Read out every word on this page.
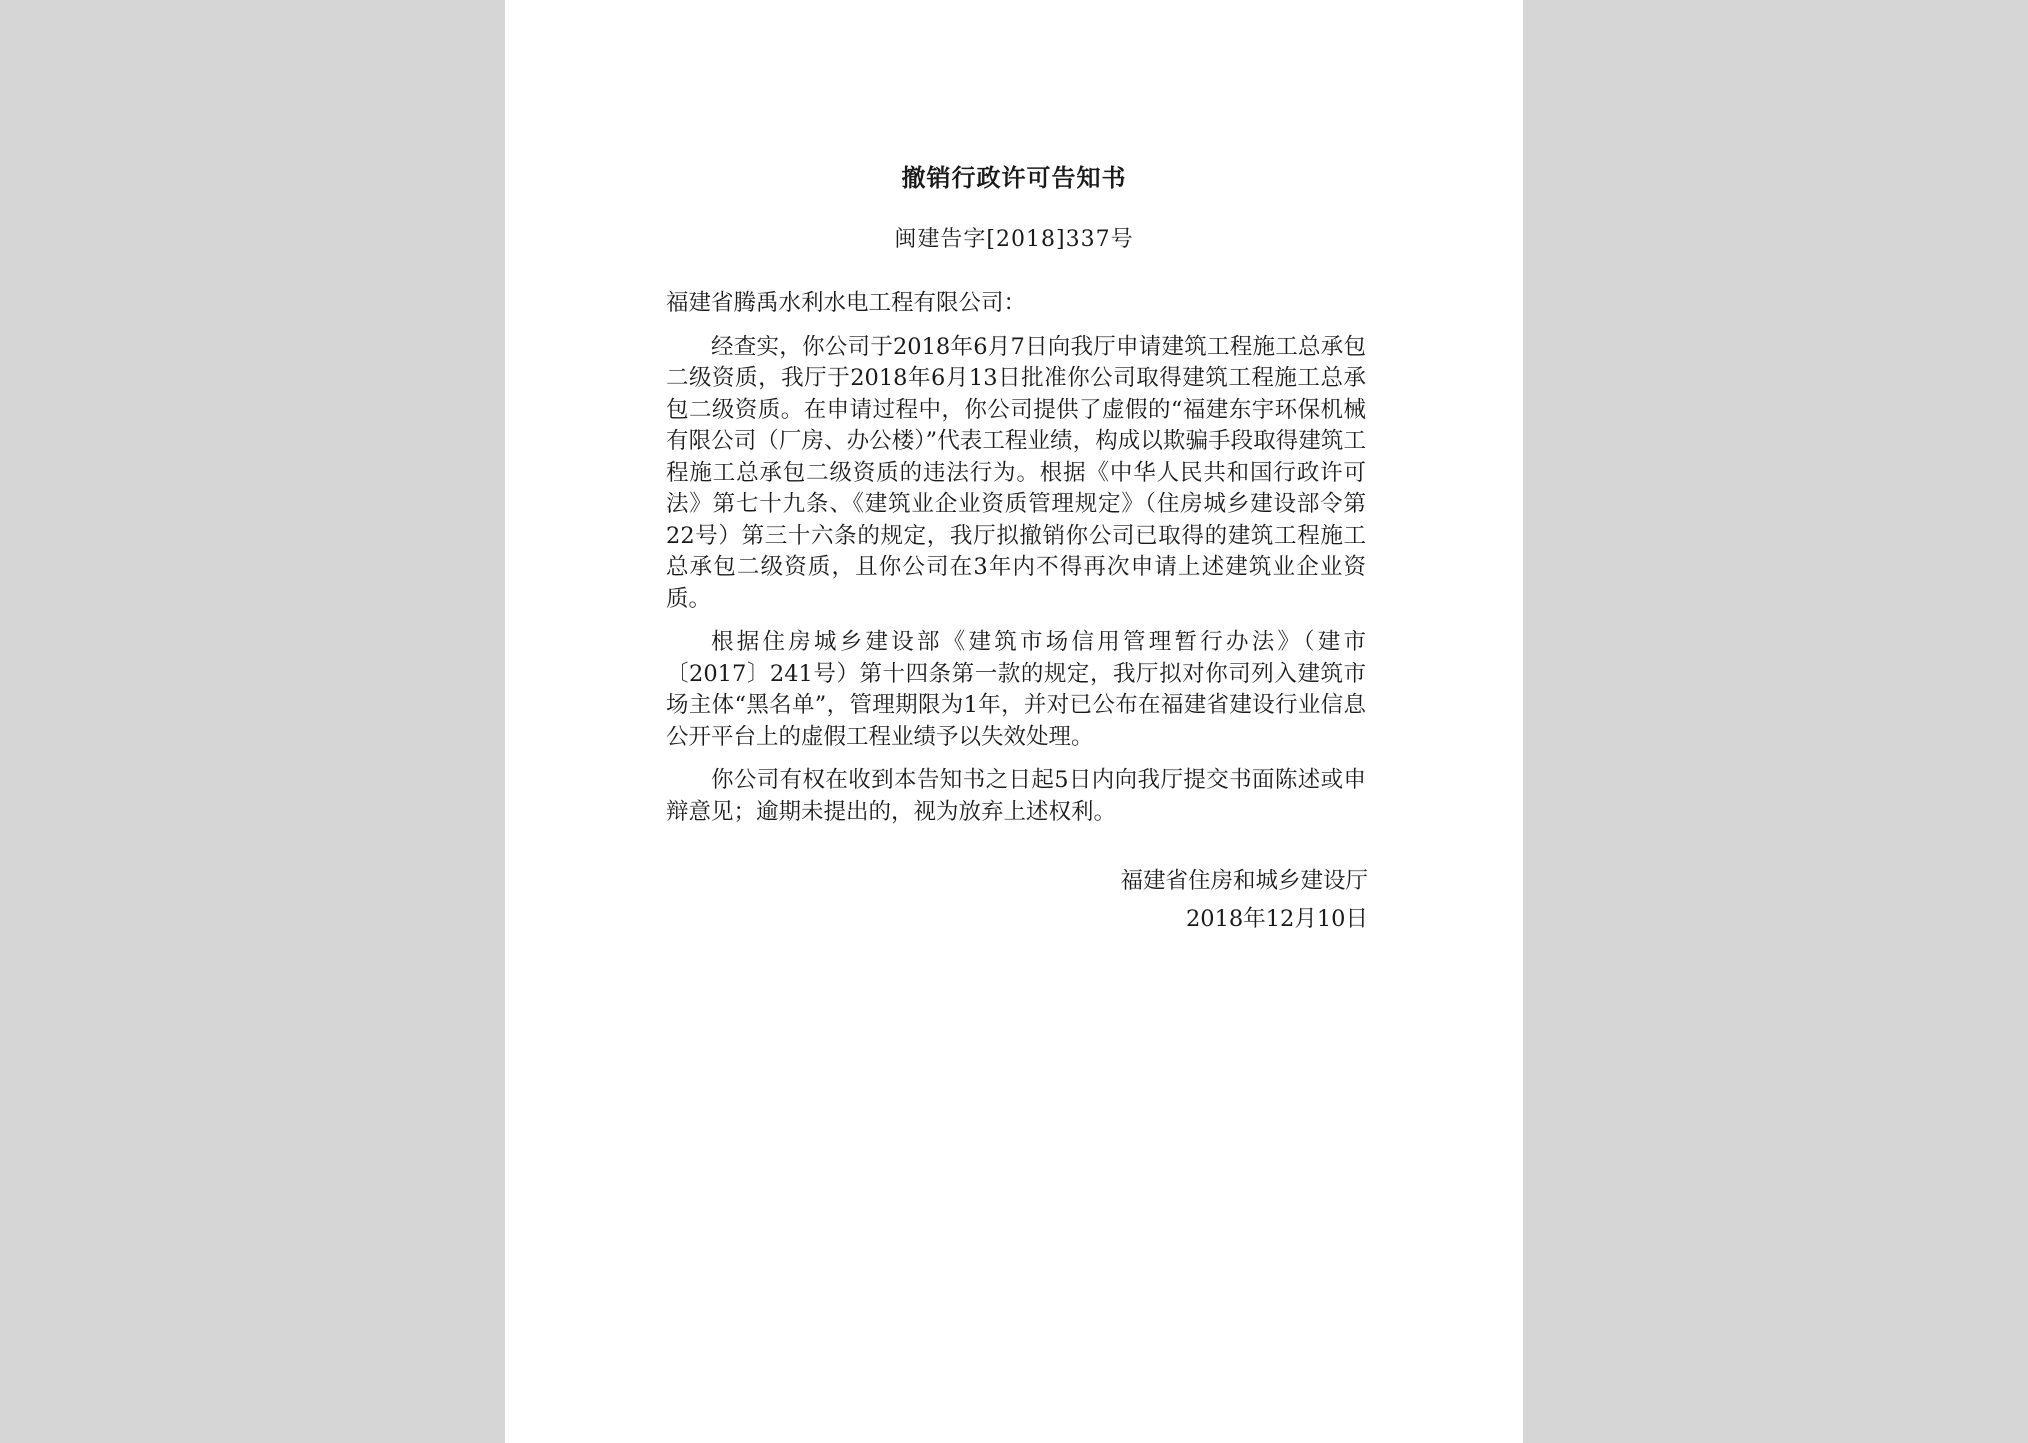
撤销行政许可告知书
闽建告字[2018]337号

福建省腾禹水利水电工程有限公司：

经查实，你公司于2018年6月7日向我厅申请建筑工程施工总承包二级资质，我厅于2018年6月13日批准你公司取得建筑工程施工总承包二级资质。在申请过程中，你公司提供了虚假的“福建东宇环保机械有限公司（厂房、办公楼）”代表工程业绩，构成以欺骗手段取得建筑工程施工总承包二级资质的违法行为。根据《中华人民共和国行政许可法》第七十九条、《建筑业企业资质管理规定》（住房城乡建设部令第22号）第三十六条的规定，我厅拟撤销你公司已取得的建筑工程施工总承包二级资质，且你公司在3年内不得再次申请上述建筑业企业资质。

根据住房城乡建设部《建筑市场信用管理暂行办法》（建市〔2017〕241号）第十四条第一款的规定，我厅拟对你司列入建筑市场主体“黑名单”，管理期限为1年，并对已公布在福建省建设行业信息公开平台上的虚假工程业绩予以失效处理。

你公司有权在收到本告知书之日起5日内向我厅提交书面陈述或申辩意见；逾期未提出的，视为放弃上述权利。

福建省住房和城乡建设厅
2018年12月10日
